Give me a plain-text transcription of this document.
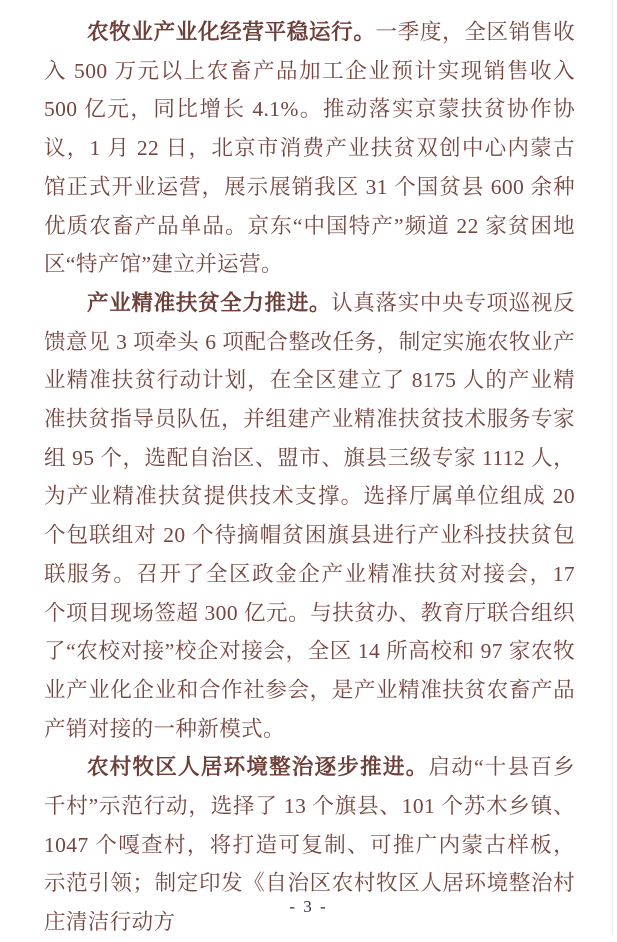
农牧业产业化经营平稳运行。一季度，全区销售收入 500 万元以上农畜产品加工企业预计实现销售收入 500 亿元，同比增长 4.1%。推动落实京蒙扶贫协作协议，1 月 22 日，北京市消费产业扶贫双创中心内蒙古馆正式开业运营，展示展销我区 31 个国贫县 600 余种优质农畜产品单品。京东“中国特产”频道 22 家贫困地区“特产馆”建立并运营。

产业精准扶贫全力推进。认真落实中央专项巡视反馈意见 3 项牵头 6 项配合整改任务，制定实施农牧业产业精准扶贫行动计划，在全区建立了 8175 人的产业精准扶贫指导员队伍，并组建产业精准扶贫技术服务专家组 95 个，选配自治区、盟市、旗县三级专家 1112 人，为产业精准扶贫提供技术支撑。选择厅属单位组成 20 个包联组对 20 个待摘帽贫困旗县进行产业科技扶贫包联服务。召开了全区政金企产业精准扶贫对接会，17 个项目现场签超 300 亿元。与扶贫办、教育厅联合组织了“农校对接”校企对接会，全区 14 所高校和 97 家农牧业产业化企业和合作社参会，是产业精准扶贫农畜产品产销对接的一种新模式。

农村牧区人居环境整治逐步推进。启动“十县百乡千村”示范行动，选择了 13 个旗县、101 个苏木乡镇、1047 个嘎查村，将打造可复制、可推广内蒙古样板，示范引领；制定印发《自治区农村牧区人居环境整治村庄清洁行动方

- 3 -
